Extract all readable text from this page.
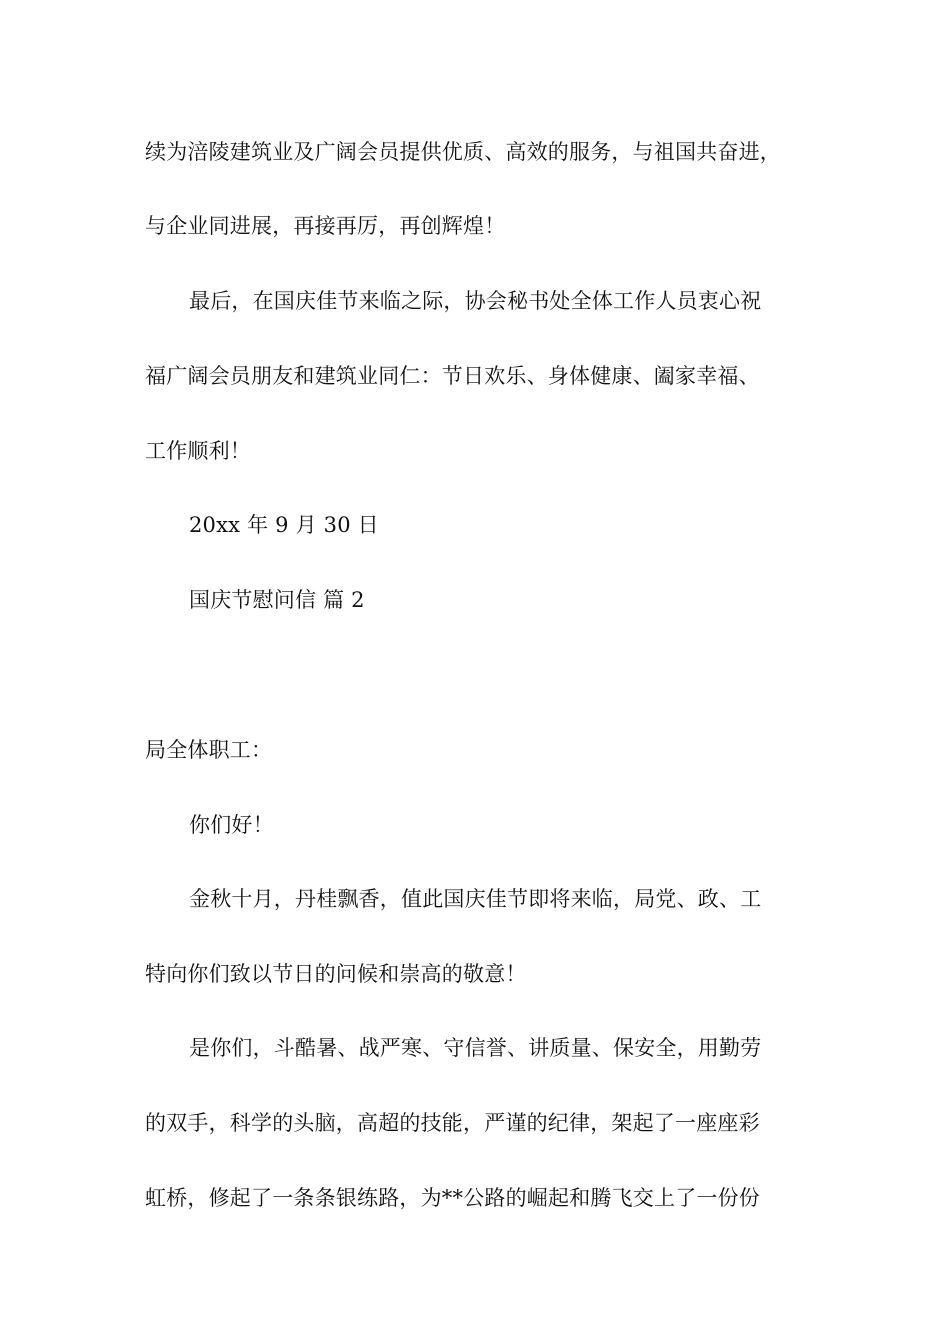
续为涪陵建筑业及广阔会员提供优质、高效的服务，与祖国共奋进，
与企业同进展，再接再厉，再创辉煌！
最后，在国庆佳节来临之际，协会秘书处全体工作人员衷心祝
福广阔会员朋友和建筑业同仁：节日欢乐、身体健康、阖家幸福、
工作顺利！
20xx 年 9 月 30 日
国庆节慰问信 篇 2
局全体职工：
你们好！
金秋十月，丹桂飘香，值此国庆佳节即将来临，局党、政、工
特向你们致以节日的问候和崇高的敬意！
是你们，斗酷暑、战严寒、守信誉、讲质量、保安全，用勤劳
的双手，科学的头脑，高超的技能，严谨的纪律，架起了一座座彩
虹桥，修起了一条条银练路，为**公路的崛起和腾飞交上了一份份
